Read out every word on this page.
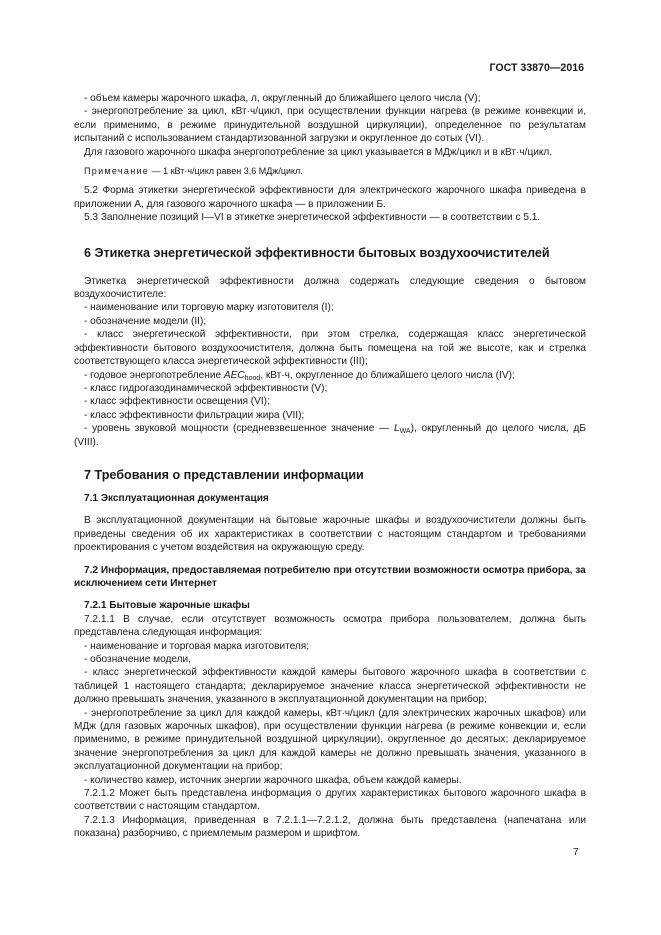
ГОСТ 33870—2016

- объем камеры жарочного шкафа, л, округленный до ближайшего целого числа (V);

- энергопотребление за цикл, кВт·ч/цикл, при осуществлении функции нагрева (в режиме конвекции и, если применимо, в режиме принудительной воздушной циркуляции), определенное по результатам испытаний с использованием стандартизованной загрузки и округленное до сотых (VI).

Для газового жарочного шкафа энергопотребление за цикл указывается в МДж/цикл и в кВт·ч/цикл.

Примечание — 1 кВт·ч/цикл равен 3,6 МДж/цикл.

5.2 Форма этикетки энергетической эффективности для электрического жарочного шкафа приведена в приложении А, для газового жарочного шкафа — в приложении Б.

5.3 Заполнение позиций I—VI в этикетке энергетической эффективности — в соответствии с 5.1.

6 Этикетка энергетической эффективности бытовых воздухоочистителей

Этикетка энергетической эффективности должна содержать следующие сведения о бытовом воздухоочистителе:

- наименование или торговую марку изготовителя (I);

- обозначение модели (II);

- класс энергетической эффективности, при этом стрелка, содержащая класс энергетической эффективности бытового воздухоочистителя, должна быть помещена на той же высоте, как и стрелка соответствующего класса энергетической эффективности (III);

- годовое энергопотребление $AEC_{hood}$, кВт·ч, округленное до ближайшего целого числа (IV);

- класс гидрогазодинамической эффективности (V);

- класс эффективности освещения (VI);

- класс эффективности фильтрации жира (VII);

- уровень звуковой мощности (средневзвешенное значение — $L_{WA}$), округленный до целого числа, дБ (VIII).

7 Требования о представлении информации
7.1 Эксплуатационная документация

В эксплуатационной документации на бытовые жарочные шкафы и воздухоочистители должны быть приведены сведения об их характеристиках в соответствии с настоящим стандартом и требованиями проектирования с учетом воздействия на окружающую среду.

7.2 Информация, предоставляемая потребителю при отсутствии возможности осмотра прибора, за исключением сети Интернет
7.2.1 Бытовые жарочные шкафы

7.2.1.1 В случае, если отсутствует возможность осмотра прибора пользователем, должна быть представлена следующая информация:

- наименование и торговая марка изготовителя;

- обозначение модели,

- класс энергетической эффективности каждой камеры бытового жарочного шкафа в соответствии с таблицей 1 настоящего стандарта; декларируемое значение класса энергетической эффективности не должно превышать значения, указанного в эксплуатационной документации на прибор;

- энергопотребление за цикл для каждой камеры, кВт·ч/цикл (для электрических жарочных шкафов) или МДж (для газовых жарочных шкафов), при осуществлении функции нагрева (в режиме конвекции и, если применимо, в режиме принудительной воздушной циркуляции), округленное до десятых; декларируемое значение энергопотребления за цикл для каждой камеры не должно превышать значения, указанного в эксплуатационной документации на прибор;

- количество камер, источник энергии жарочного шкафа, объем каждой камеры.

7.2.1.2 Может быть представлена информация о других характеристиках бытового жарочного шкафа в соответствии с настоящим стандартом.

7.2.1.3 Информация, приведенная в 7.2.1.1—7.2.1.2, должна быть представлена (напечатана или показана) разборчиво, с приемлемым размером и шрифтом.

7
